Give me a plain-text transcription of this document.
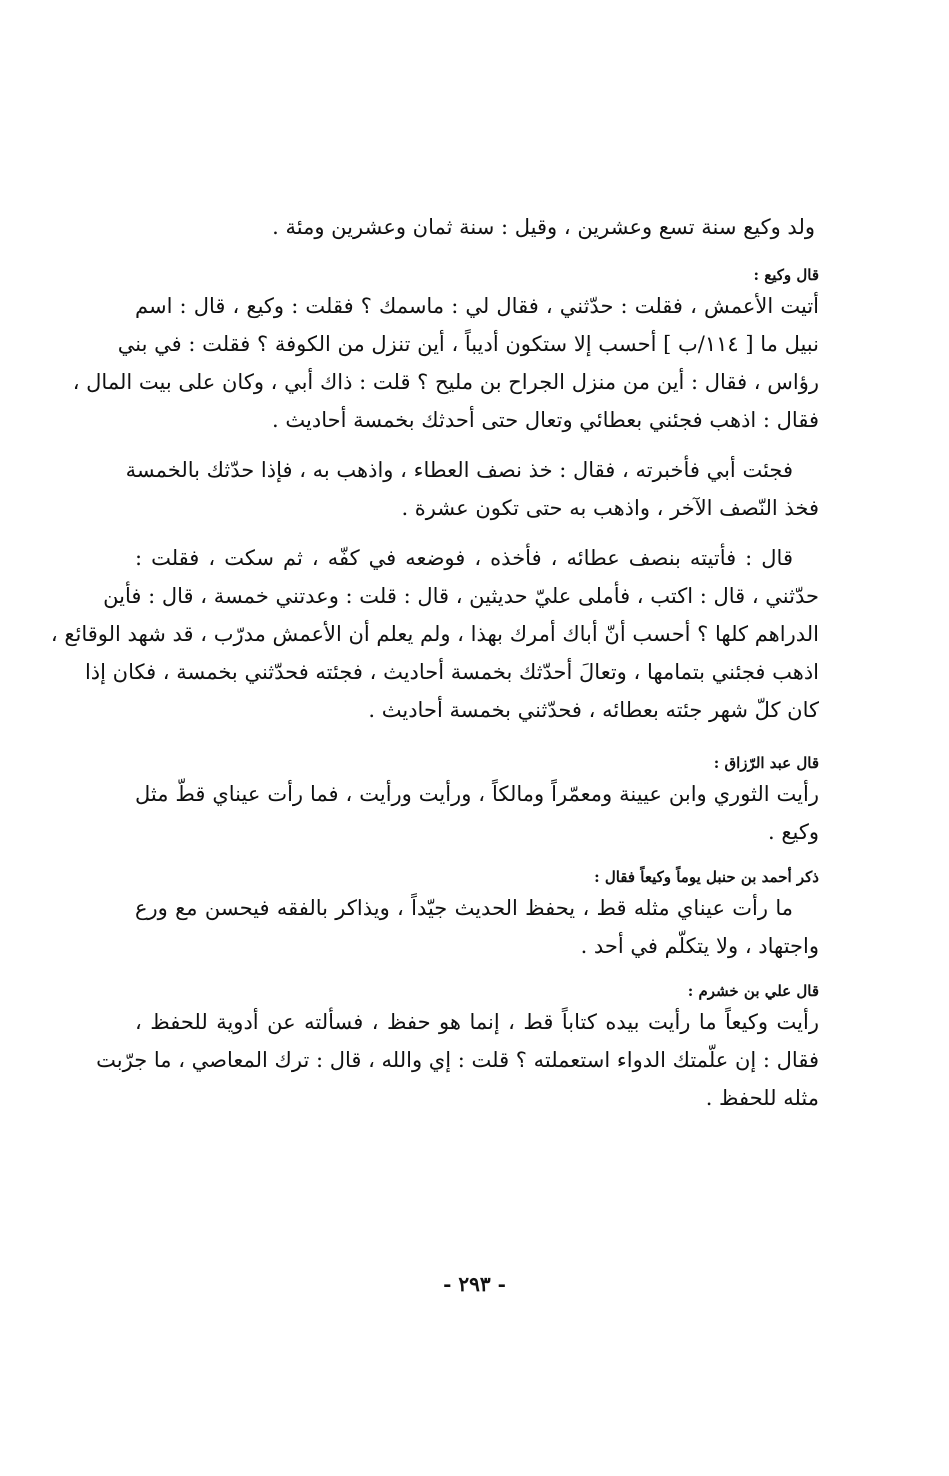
ولد وكيع سنة تسع وعشرين ، وقيل : سنة ثمان وعشرين ومئة .
قال وكيع :
أتيت الأعمش ، فقلت : حدّثني ، فقال لي : ماسمك ؟ فقلت : وكيع ، قال : اسم
نبيل ما [ ١١٤/ب ] أحسب إلا ستكون أديباً ، أين تنزل من الكوفة ؟ فقلت : في بني
رؤاس ، فقال : أين من منزل الجراح بن مليح ؟ قلت : ذاك أبي ، وكان على بيت المال ،
فقال : اذهب فجئني بعطائي وتعال حتى أحدثك بخمسة أحاديث .
فجئت أبي فأخبرته ، فقال : خذ نصف العطاء ، واذهب به ، فإذا حدّثك بالخمسة
فخذ النّصف الآخر ، واذهب به حتى تكون عشرة .
قال : فأتيته بنصف عطائه ، فأخذه ، فوضعه في كفّه ، ثم سكت ، فقلت :
حدّثني ، قال : اكتب ، فأملى عليّ حديثين ، قال : قلت : وعدتني خمسة ، قال : فأين
الدراهم كلها ؟ أحسب أنّ أباك أمرك بهذا ، ولم يعلم أن الأعمش مدرّب ، قد شهد الوقائع ،
اذهب فجئني بتمامها ، وتعالَ أحدّثك بخمسة أحاديث ، فجئته فحدّثني بخمسة ، فكان إذا
كان كلّ شهر جئته بعطائه ، فحدّثني بخمسة أحاديث .
قال عبد الرّزاق :
رأيت الثوري وابن عيينة ومعمّراً ومالكاً ، ورأيت ورأيت ، فما رأت عيناي قطّ مثل
وكيع .
ذكر أحمد بن حنبل يوماً وكيعاً فقال :
ما رأت عيناي مثله قط ، يحفظ الحديث جيّداً ، ويذاكر بالفقه فيحسن مع ورع
واجتهاد ، ولا يتكلّم في أحد .
قال علي بن خشرم :
رأيت وكيعاً ما رأيت بيده كتاباً قط ، إنما هو حفظ ، فسألته عن أدوية للحفظ ،
فقال : إن علّمتك الدواء استعملته ؟ قلت : إي والله ، قال : ترك المعاصي ، ما جرّبت
مثله للحفظ .
- ٢٩٣ -
